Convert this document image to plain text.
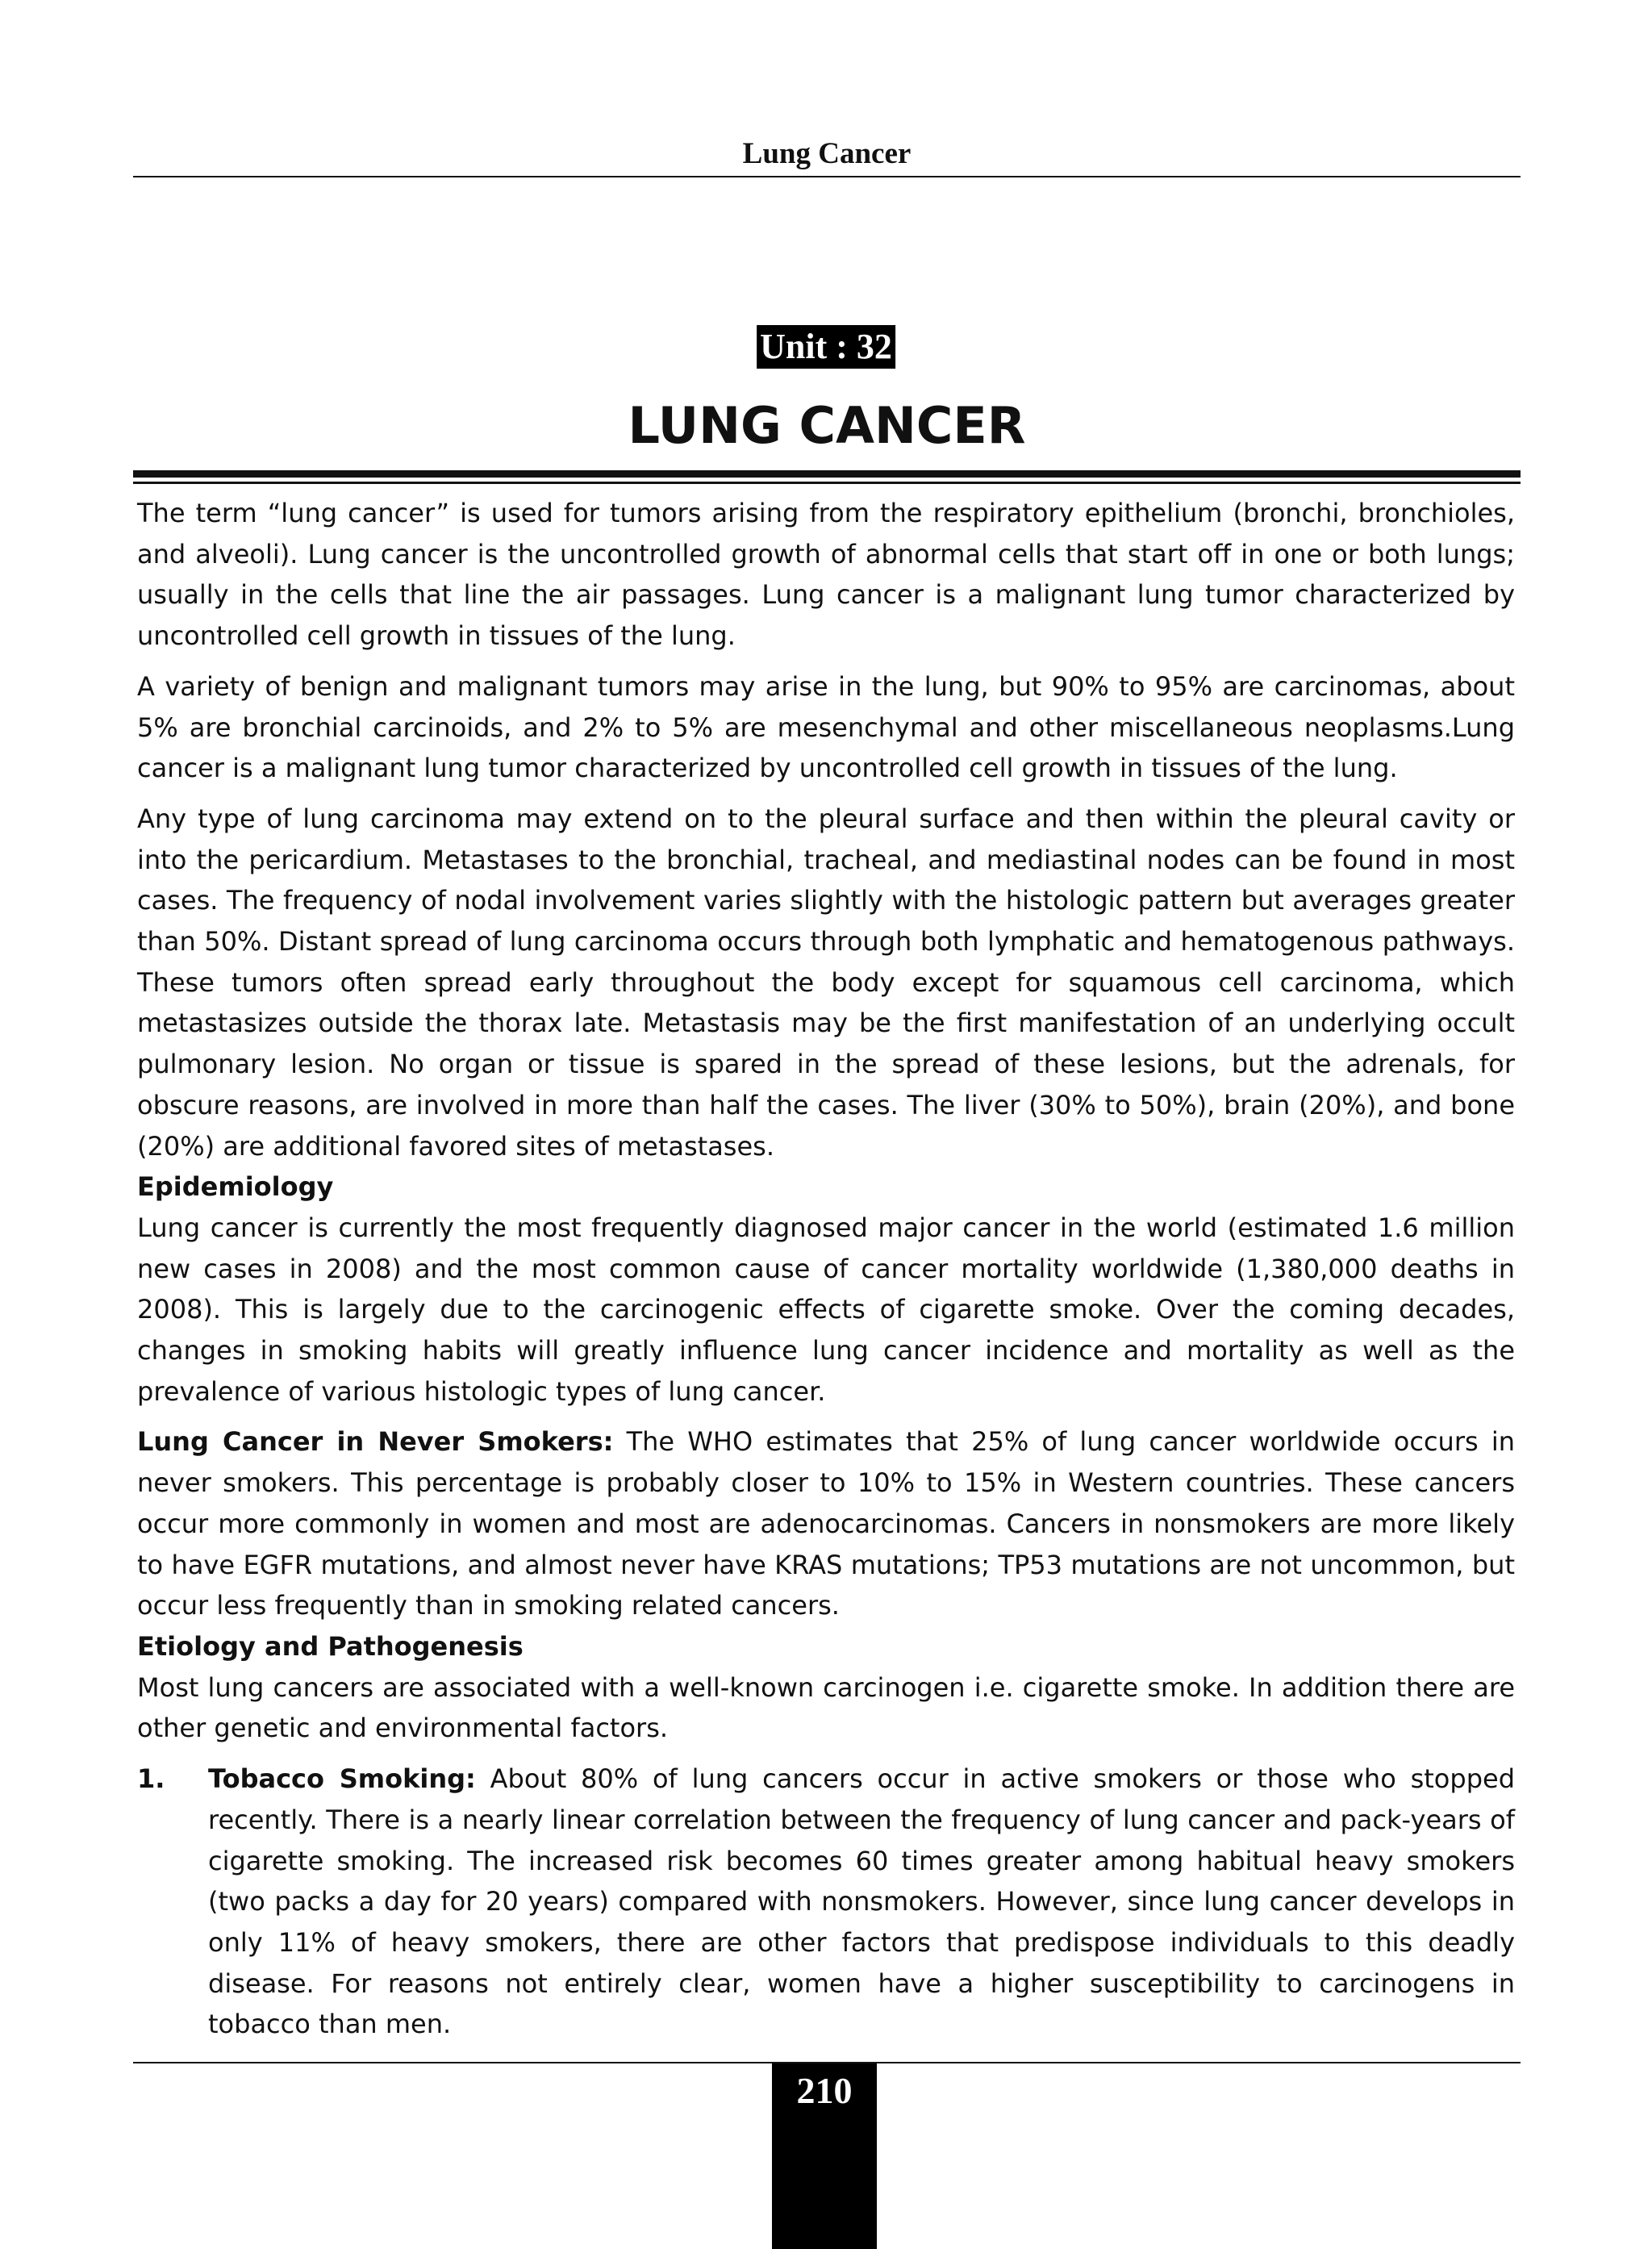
Lung Cancer
Unit : 32
LUNG CANCER

The term “lung cancer” is used for tumors arising from the respiratory epithelium (bronchi, bronchioles, and alveoli). Lung cancer is the uncontrolled growth of abnormal cells that start off in one or both lungs; usually in the cells that line the air passages. Lung cancer is a malignant lung tumor characterized by uncontrolled cell growth in tissues of the lung.

A variety of benign and malignant tumors may arise in the lung, but 90% to 95% are carcinomas, about 5% are bronchial carcinoids, and 2% to 5% are mesenchymal and other miscellaneous neoplasms.Lung cancer is a malignant lung tumor characterized by uncontrolled cell growth in tissues of the lung.

Any type of lung carcinoma may extend on to the pleural surface and then within the pleural cavity or into the pericardium. Metastases to the bronchial, tracheal, and mediastinal nodes can be found in most cases. The frequency of nodal involvement varies slightly with the histologic pattern but averages greater than 50%. Distant spread of lung carcinoma occurs through both lymphatic and hematogenous pathways. These tumors often spread early throughout the body except for squamous cell carcinoma, which metastasizes outside the thorax late. Metastasis may be the first manifestation of an underlying occult pulmonary lesion. No organ or tissue is spared in the spread of these lesions, but the adrenals, for obscure reasons, are involved in more than half the cases. The liver (30% to 50%), brain (20%), and bone (20%) are additional favored sites of metastases.

Epidemiology

Lung cancer is currently the most frequently diagnosed major cancer in the world (estimated 1.6 million new cases in 2008) and the most common cause of cancer mortality worldwide (1,380,000 deaths in 2008). This is largely due to the carcinogenic effects of cigarette smoke. Over the coming decades, changes in smoking habits will greatly influence lung cancer incidence and mortality as well as the prevalence of various histologic types of lung cancer.

Lung Cancer in Never Smokers: The WHO estimates that 25% of lung cancer worldwide occurs in never smokers. This percentage is probably closer to 10% to 15% in Western countries. These cancers occur more commonly in women and most are adenocarcinomas. Cancers in nonsmokers are more likely to have EGFR mutations, and almost never have KRAS mutations; TP53 mutations are not uncommon, but occur less frequently than in smoking related cancers.

Etiology and Pathogenesis

Most lung cancers are associated with a well-known carcinogen i.e. cigarette smoke. In addition there are other genetic and environmental factors.

1.	Tobacco Smoking: About 80% of lung cancers occur in active smokers or those who stopped recently. There is a nearly linear correlation between the frequency of lung cancer and pack-years of cigarette smoking. The increased risk becomes 60 times greater among habitual heavy smokers (two packs a day for 20 years) compared with nonsmokers. However, since lung cancer develops in only 11% of heavy smokers, there are other factors that predispose individuals to this deadly disease. For reasons not entirely clear, women have a higher susceptibility to carcinogens in tobacco than men.
210
